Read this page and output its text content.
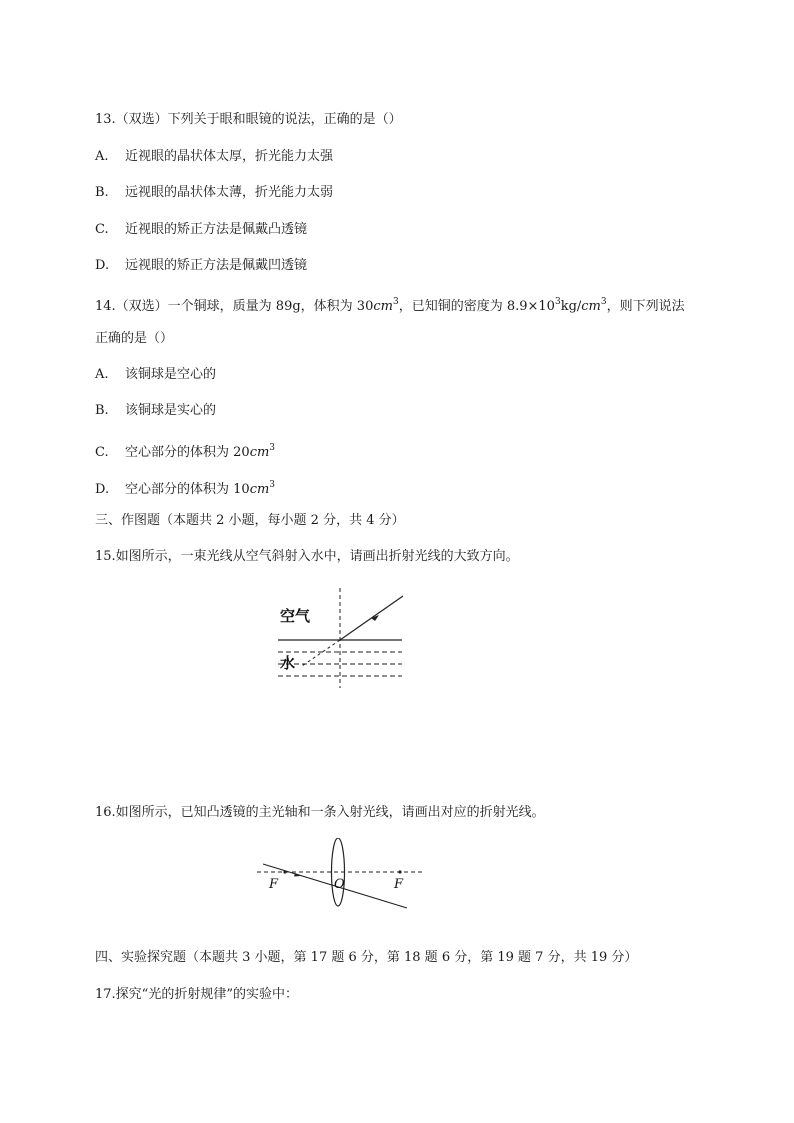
13.（双选）下列关于眼和眼镜的说法，正确的是（）
A. 近视眼的晶状体太厚，折光能力太强
B. 远视眼的晶状体太薄，折光能力太弱
C. 近视眼的矫正方法是佩戴凸透镜
D. 远视眼的矫正方法是佩戴凹透镜
14.（双选）一个铜球，质量为 89g，体积为 $30cm^3$，已知铜的密度为 $8.9\times 10^3kg/cm^3$，则下列说法
正确的是（）
A. 该铜球是空心的
B. 该铜球是实心的
C. 空心部分的体积为 $20cm^3$
D. 空心部分的体积为 $10cm^3$
三、作图题（本题共 2 小题，每小题 2 分，共 4 分）
15.如图所示，一束光线从空气斜射入水中，请画出折射光线的大致方向。
空气
水
16.如图所示，已知凸透镜的主光轴和一条入射光线，请画出对应的折射光线。
F	O	F
四、实验探究题（本题共 3 小题，第 17 题 6 分，第 18 题 6 分，第 19 题 7 分，共 19 分）
17.探究“光的折射规律”的实验中：
